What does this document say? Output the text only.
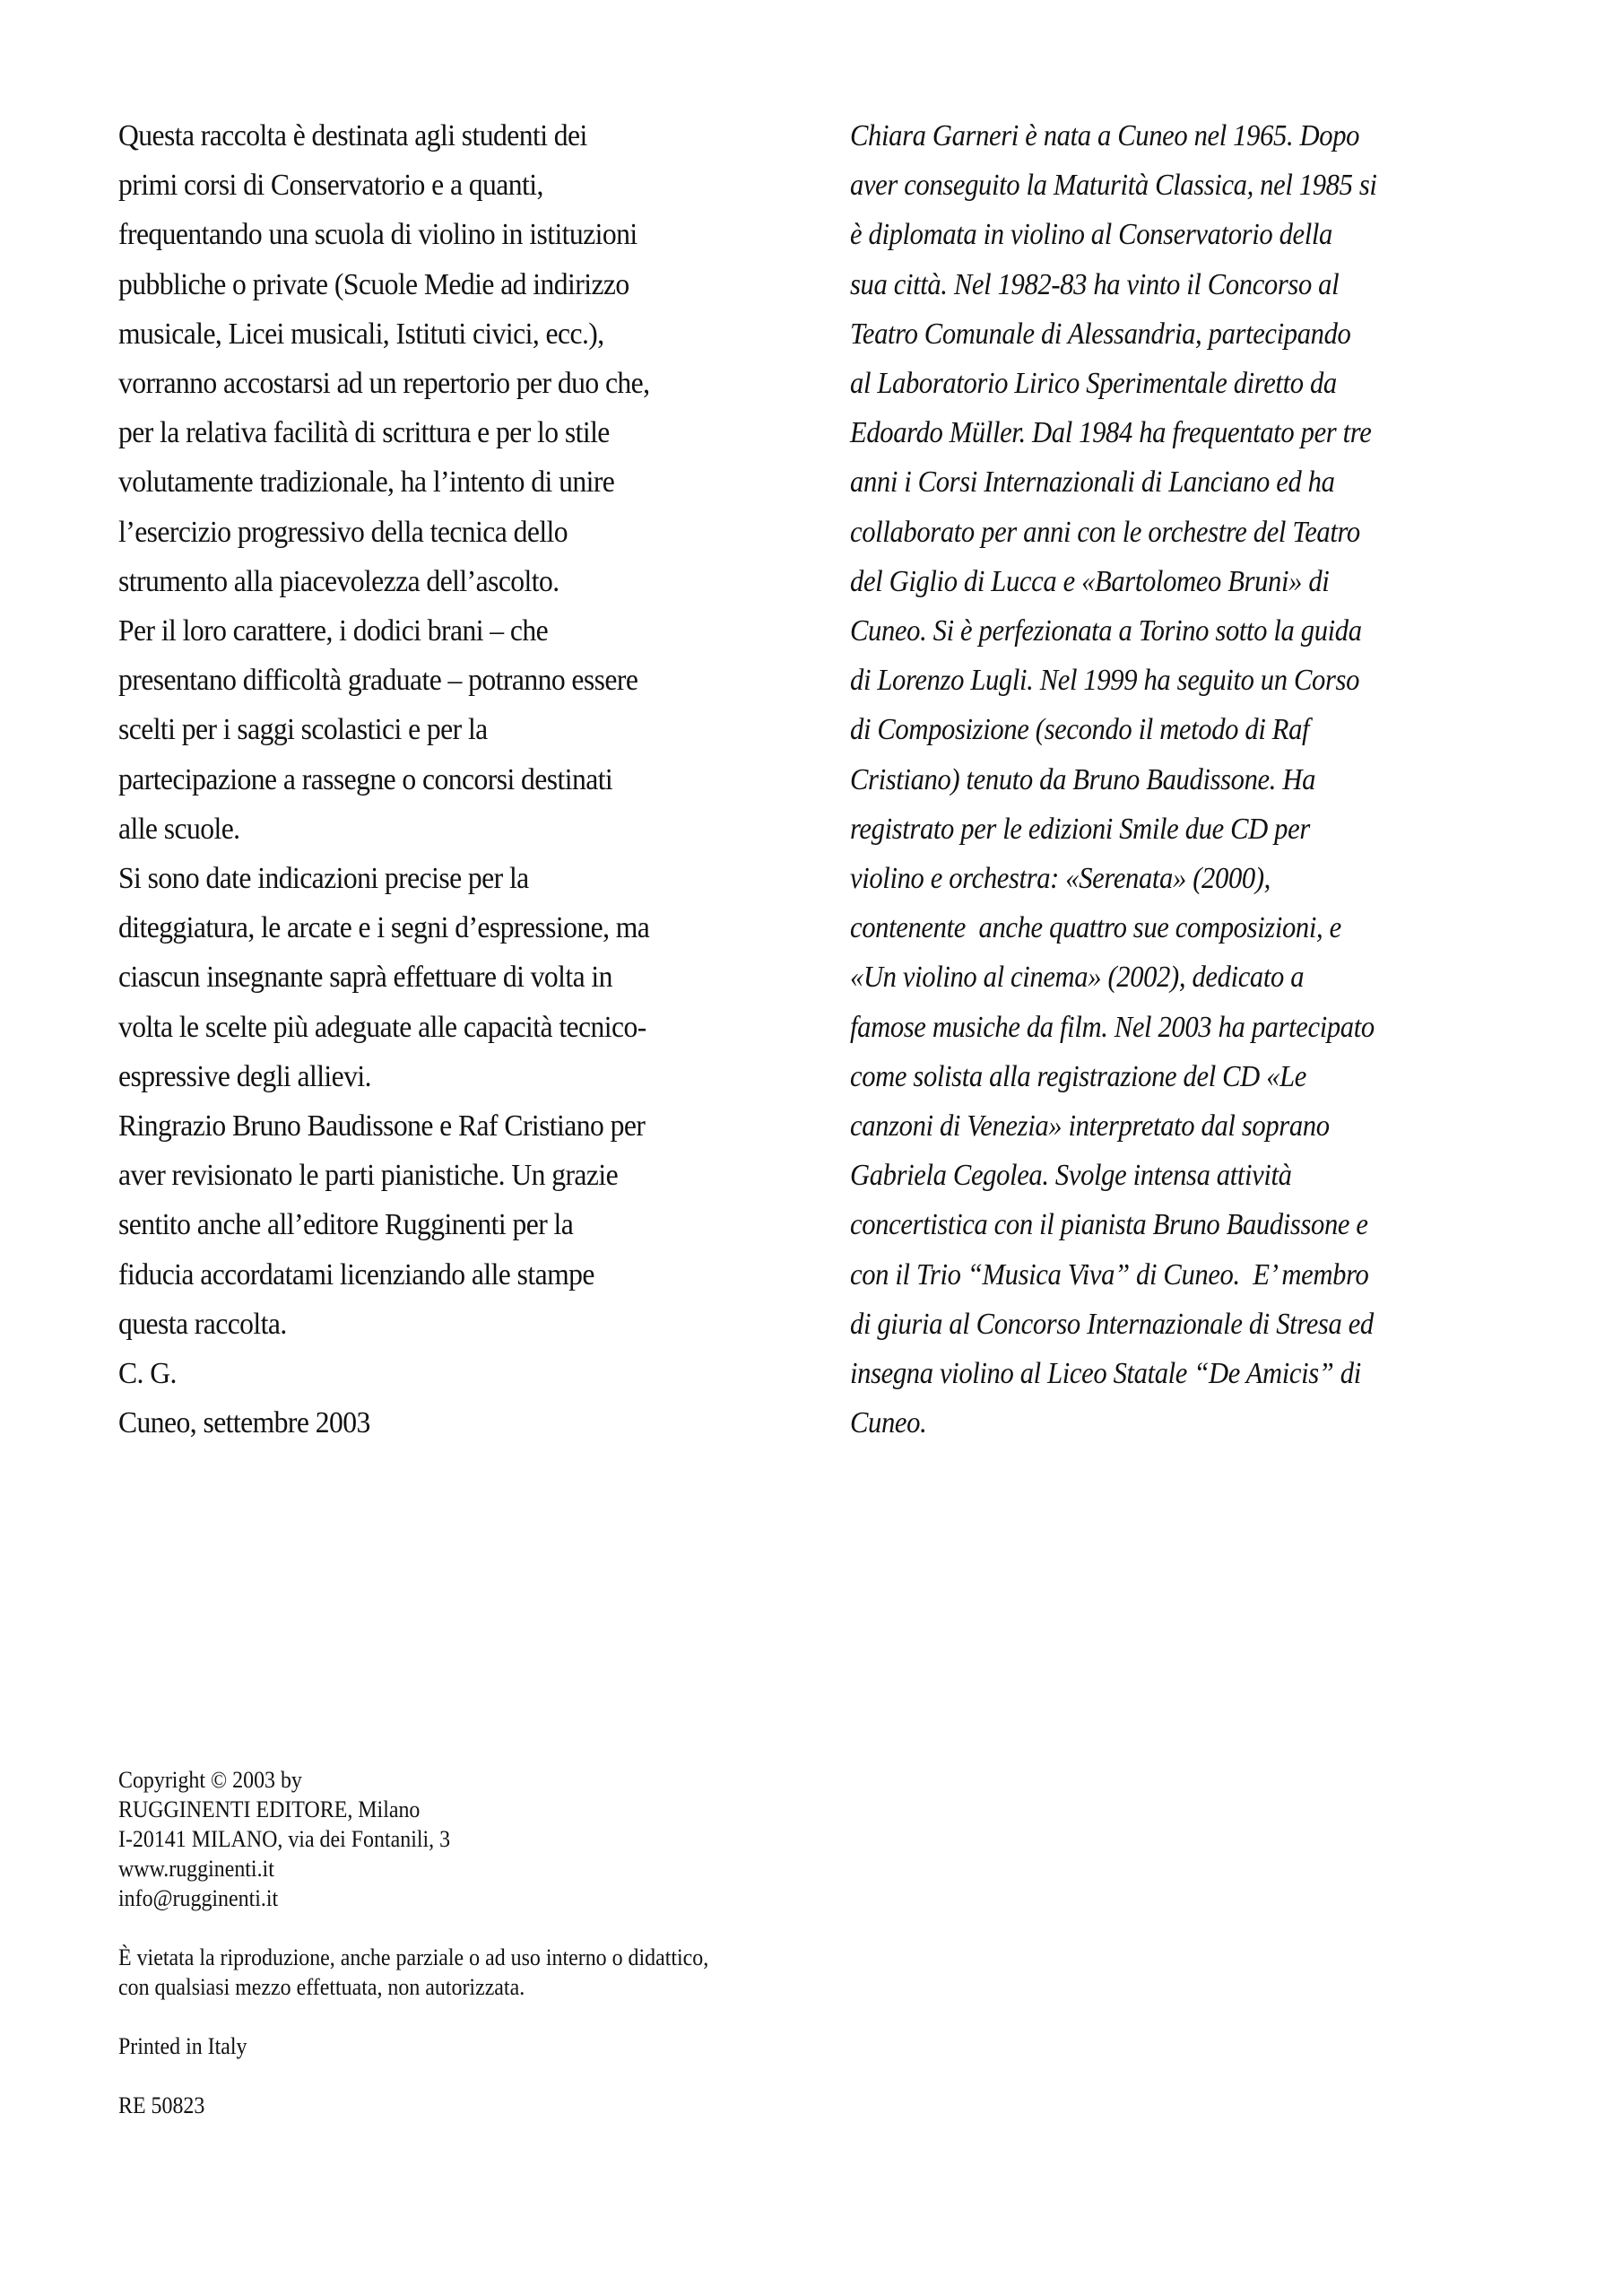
Questa raccolta è destinata agli studenti dei
primi corsi di Conservatorio e a quanti,
frequentando una scuola di violino in istituzioni
pubbliche o private (Scuole Medie ad indirizzo
musicale, Licei musicali, Istituti civici, ecc.),
vorranno accostarsi ad un repertorio per duo che,
per la relativa facilità di scrittura e per lo stile
volutamente tradizionale, ha l’intento di unire
l’esercizio progressivo della tecnica dello
strumento alla piacevolezza dell’ascolto.
Per il loro carattere, i dodici brani – che
presentano difficoltà graduate – potranno essere
scelti per i saggi scolastici e per la
partecipazione a rassegne o concorsi destinati
alle scuole.
Si sono date indicazioni precise per la
diteggiatura, le arcate e i segni d’espressione, ma
ciascun insegnante saprà effettuare di volta in
volta le scelte più adeguate alle capacità tecnico-
espressive degli allievi.
Ringrazio Bruno Baudissone e Raf Cristiano per
aver revisionato le parti pianistiche. Un grazie
sentito anche all’editore Rugginenti per la
fiducia accordatami licenziando alle stampe
questa raccolta.
C. G.
Cuneo, settembre 2003
Chiara Garneri è nata a Cuneo nel 1965. Dopo
aver conseguito la Maturità Classica, nel 1985 si
è diplomata in violino al Conservatorio della
sua città. Nel 1982-83 ha vinto il Concorso al
Teatro Comunale di Alessandria, partecipando
al Laboratorio Lirico Sperimentale diretto da
Edoardo Müller. Dal 1984 ha frequentato per tre
anni i Corsi Internazionali di Lanciano ed ha
collaborato per anni con le orchestre del Teatro
del Giglio di Lucca e «Bartolomeo Bruni» di
Cuneo. Si è perfezionata a Torino sotto la guida
di Lorenzo Lugli. Nel 1999 ha seguito un Corso
di Composizione (secondo il metodo di Raf
Cristiano) tenuto da Bruno Baudissone. Ha
registrato per le edizioni Smile due CD per
violino e orchestra: «Serenata» (2000),
contenente  anche quattro sue composizioni, e
«Un violino al cinema» (2002), dedicato a
famose musiche da film. Nel 2003 ha partecipato
come solista alla registrazione del CD «Le
canzoni di Venezia» interpretato dal soprano
Gabriela Cegolea. Svolge intensa attività
concertistica con il pianista Bruno Baudissone e
con il Trio “Musica Viva” di Cuneo.  E’ membro
di giuria al Concorso Internazionale di Stresa ed
insegna violino al Liceo Statale “De Amicis” di
Cuneo.
Copyright © 2003 by
RUGGINENTI EDITORE, Milano
I-20141 MILANO, via dei Fontanili, 3
www.rugginenti.it
info@rugginenti.it
È vietata la riproduzione, anche parziale o ad uso interno o didattico,
con qualsiasi mezzo effettuata, non autorizzata.
Printed in Italy
RE 50823
